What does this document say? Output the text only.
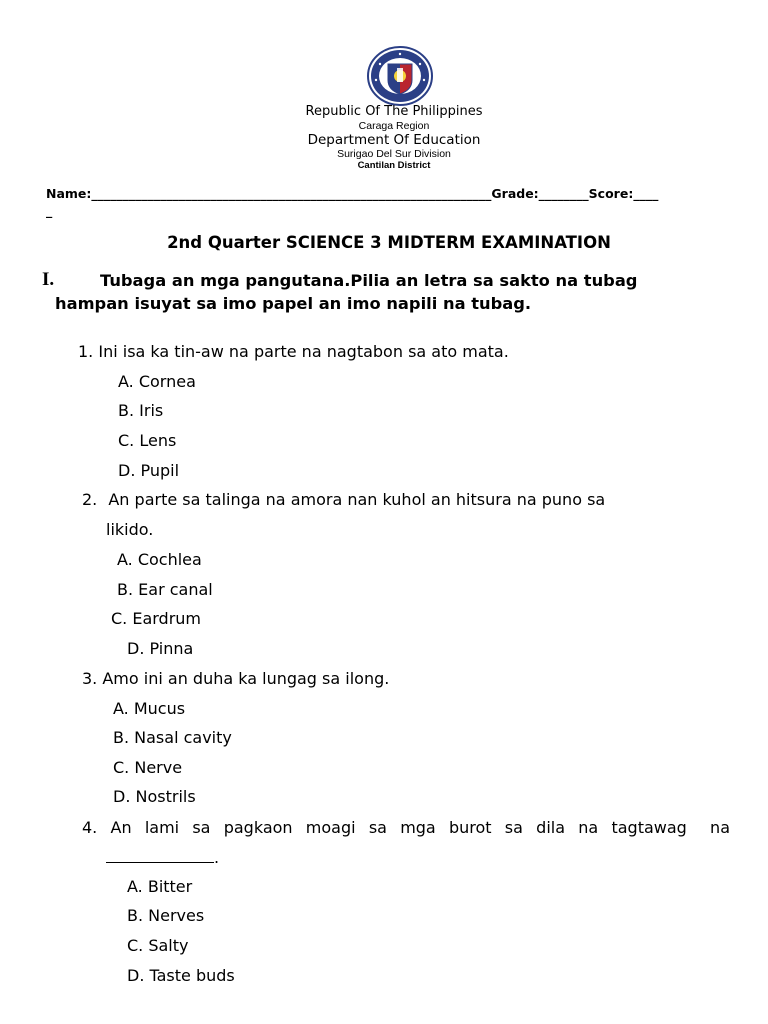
Republic Of The Philippines
Caraga Region
Department Of Education
Surigao Del Sur Division
Cantilan District
Name:________________________________________________________________Grade:________Score:____
_
2nd Quarter SCIENCE 3 MIDTERM EXAMINATION
I.	Tubaga an mga pangutana.Pilia an letra sa sakto na tubag
hampan isuyat sa imo papel an imo napili na tubag.
1. Ini isa ka tin-aw na parte na nagtabon sa ato mata.
A. Cornea
B. Iris
C. Lens
D. Pupil
2. An parte sa talinga na amora nan kuhol an hitsura na puno sa
likido.
A. Cochlea
B. Ear canal
C. Eardrum
D. Pinna
3. Amo ini an duha ka lungag sa ilong.
A. Mucus
B. Nasal cavity
C. Nerve
D. Nostrils
4. An lami sa pagkaon moagi sa mga burot sa dila na tagtawag na
.
A. Bitter
B. Nerves
C. Salty
D. Taste buds
